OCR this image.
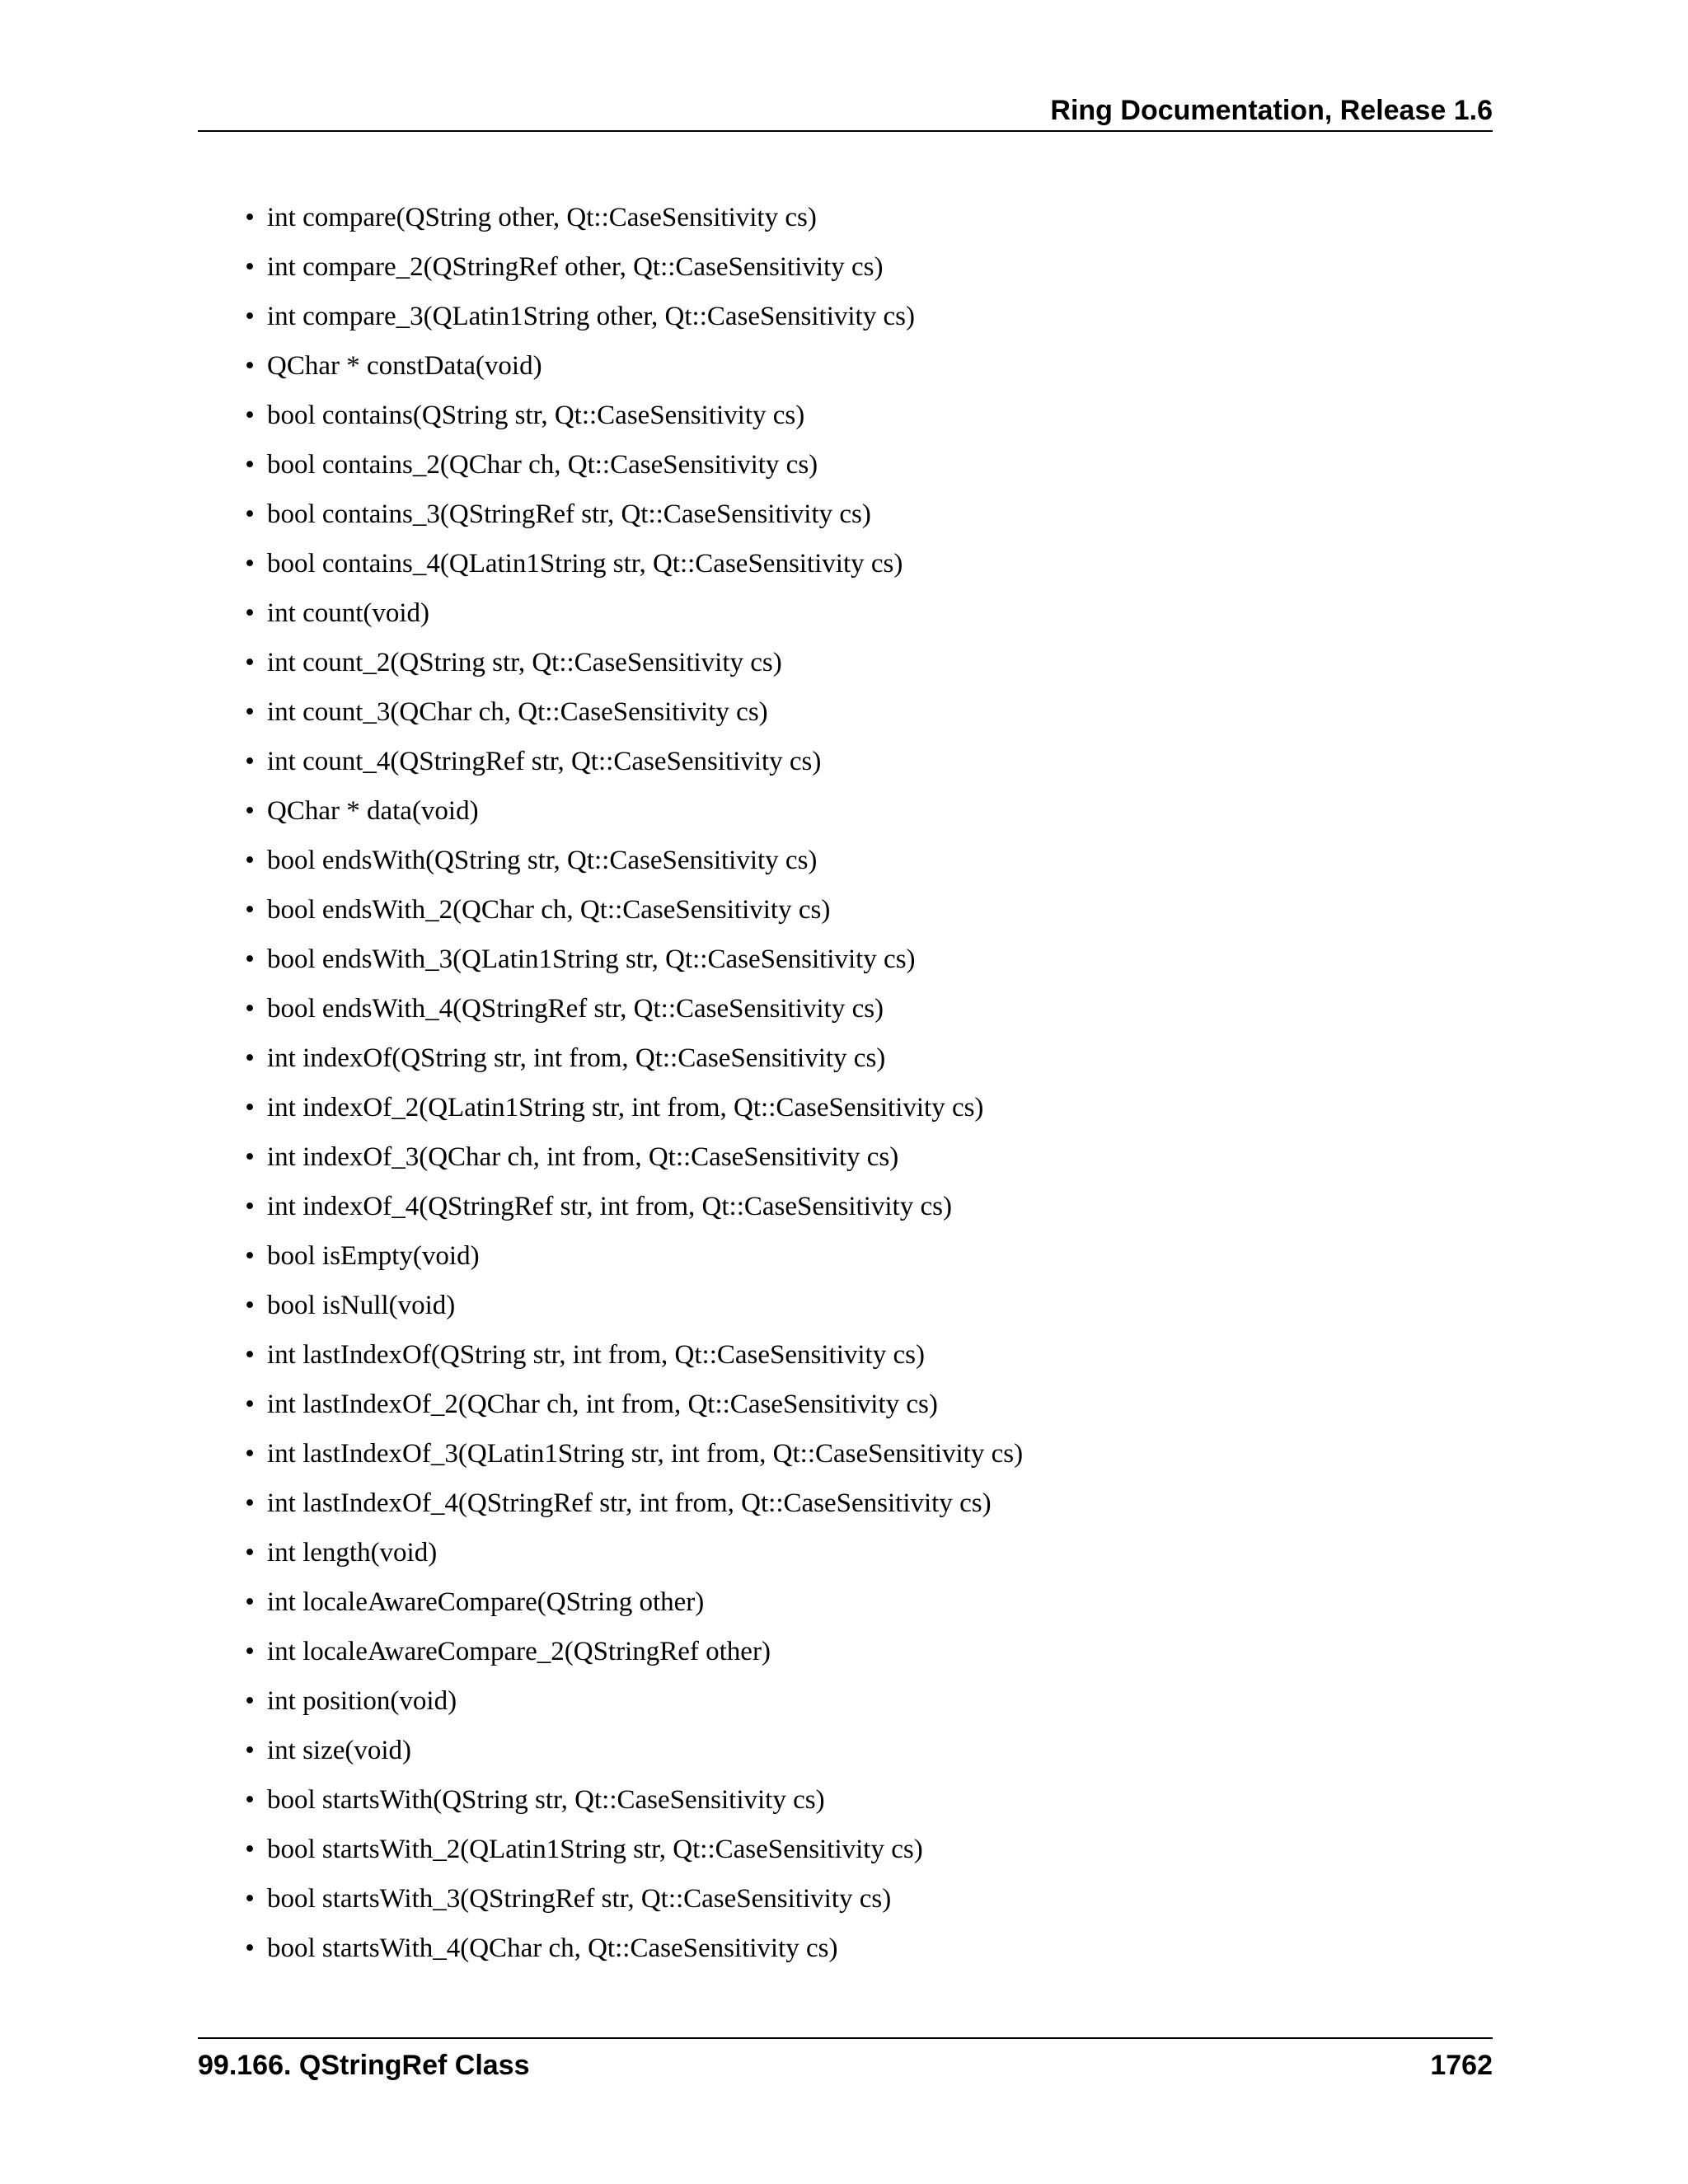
Ring Documentation, Release 1.6
• int compare(QString other, Qt::CaseSensitivity cs)
• int compare_2(QStringRef other, Qt::CaseSensitivity cs)
• int compare_3(QLatin1String other, Qt::CaseSensitivity cs)
• QChar * constData(void)
• bool contains(QString str, Qt::CaseSensitivity cs)
• bool contains_2(QChar ch, Qt::CaseSensitivity cs)
• bool contains_3(QStringRef str, Qt::CaseSensitivity cs)
• bool contains_4(QLatin1String str, Qt::CaseSensitivity cs)
• int count(void)
• int count_2(QString str, Qt::CaseSensitivity cs)
• int count_3(QChar ch, Qt::CaseSensitivity cs)
• int count_4(QStringRef str, Qt::CaseSensitivity cs)
• QChar * data(void)
• bool endsWith(QString str, Qt::CaseSensitivity cs)
• bool endsWith_2(QChar ch, Qt::CaseSensitivity cs)
• bool endsWith_3(QLatin1String str, Qt::CaseSensitivity cs)
• bool endsWith_4(QStringRef str, Qt::CaseSensitivity cs)
• int indexOf(QString str, int from, Qt::CaseSensitivity cs)
• int indexOf_2(QLatin1String str, int from, Qt::CaseSensitivity cs)
• int indexOf_3(QChar ch, int from, Qt::CaseSensitivity cs)
• int indexOf_4(QStringRef str, int from, Qt::CaseSensitivity cs)
• bool isEmpty(void)
• bool isNull(void)
• int lastIndexOf(QString str, int from, Qt::CaseSensitivity cs)
• int lastIndexOf_2(QChar ch, int from, Qt::CaseSensitivity cs)
• int lastIndexOf_3(QLatin1String str, int from, Qt::CaseSensitivity cs)
• int lastIndexOf_4(QStringRef str, int from, Qt::CaseSensitivity cs)
• int length(void)
• int localeAwareCompare(QString other)
• int localeAwareCompare_2(QStringRef other)
• int position(void)
• int size(void)
• bool startsWith(QString str, Qt::CaseSensitivity cs)
• bool startsWith_2(QLatin1String str, Qt::CaseSensitivity cs)
• bool startsWith_3(QStringRef str, Qt::CaseSensitivity cs)
• bool startsWith_4(QChar ch, Qt::CaseSensitivity cs)
99.166. QStringRef Class	1762
